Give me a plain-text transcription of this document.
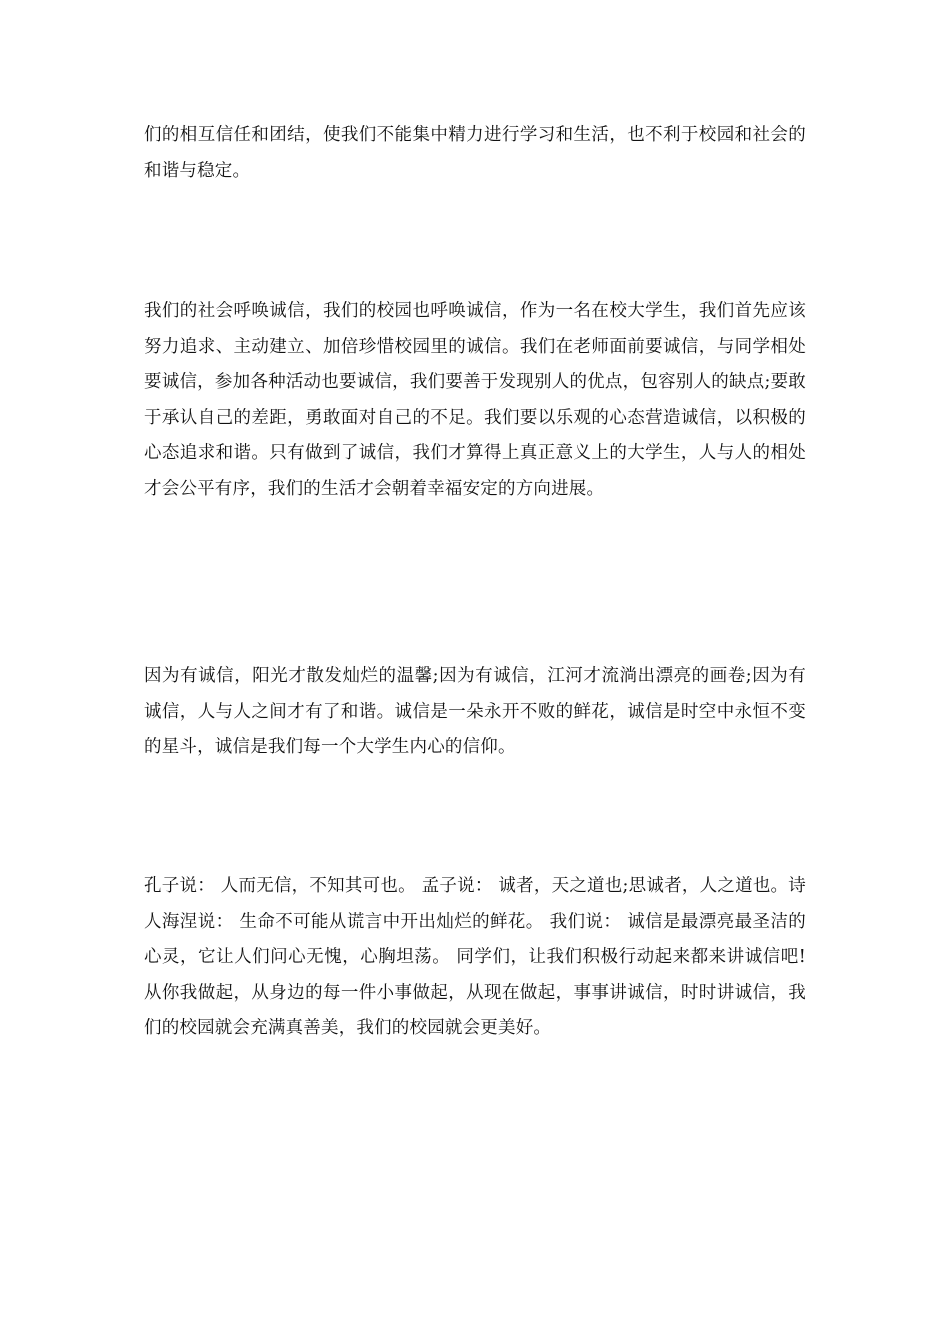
们的相互信任和团结，使我们不能集中精力进行学习和生活，也不利于校园和社会的和谐与稳定。

我们的社会呼唤诚信，我们的校园也呼唤诚信，作为一名在校大学生，我们首先应该努力追求、主动建立、加倍珍惜校园里的诚信。我们在老师面前要诚信，与同学相处要诚信，参加各种活动也要诚信，我们要善于发现别人的优点，包容别人的缺点;要敢于承认自己的差距，勇敢面对自己的不足。我们要以乐观的心态营造诚信，以积极的心态追求和谐。只有做到了诚信，我们才算得上真正意义上的大学生，人与人的相处才会公平有序，我们的生活才会朝着幸福安定的方向进展。

因为有诚信，阳光才散发灿烂的温馨;因为有诚信，江河才流淌出漂亮的画卷;因为有诚信，人与人之间才有了和谐。诚信是一朵永开不败的鲜花，诚信是时空中永恒不变的星斗，诚信是我们每一个大学生内心的信仰。

孔子说： 人而无信，不知其可也。 孟子说： 诚者，天之道也;思诚者，人之道也。诗人海涅说： 生命不可能从谎言中开出灿烂的鲜花。 我们说： 诚信是最漂亮最圣洁的心灵，它让人们问心无愧，心胸坦荡。 同学们，让我们积极行动起来都来讲诚信吧!从你我做起，从身边的每一件小事做起，从现在做起，事事讲诚信，时时讲诚信，我们的校园就会充满真善美，我们的校园就会更美好。
